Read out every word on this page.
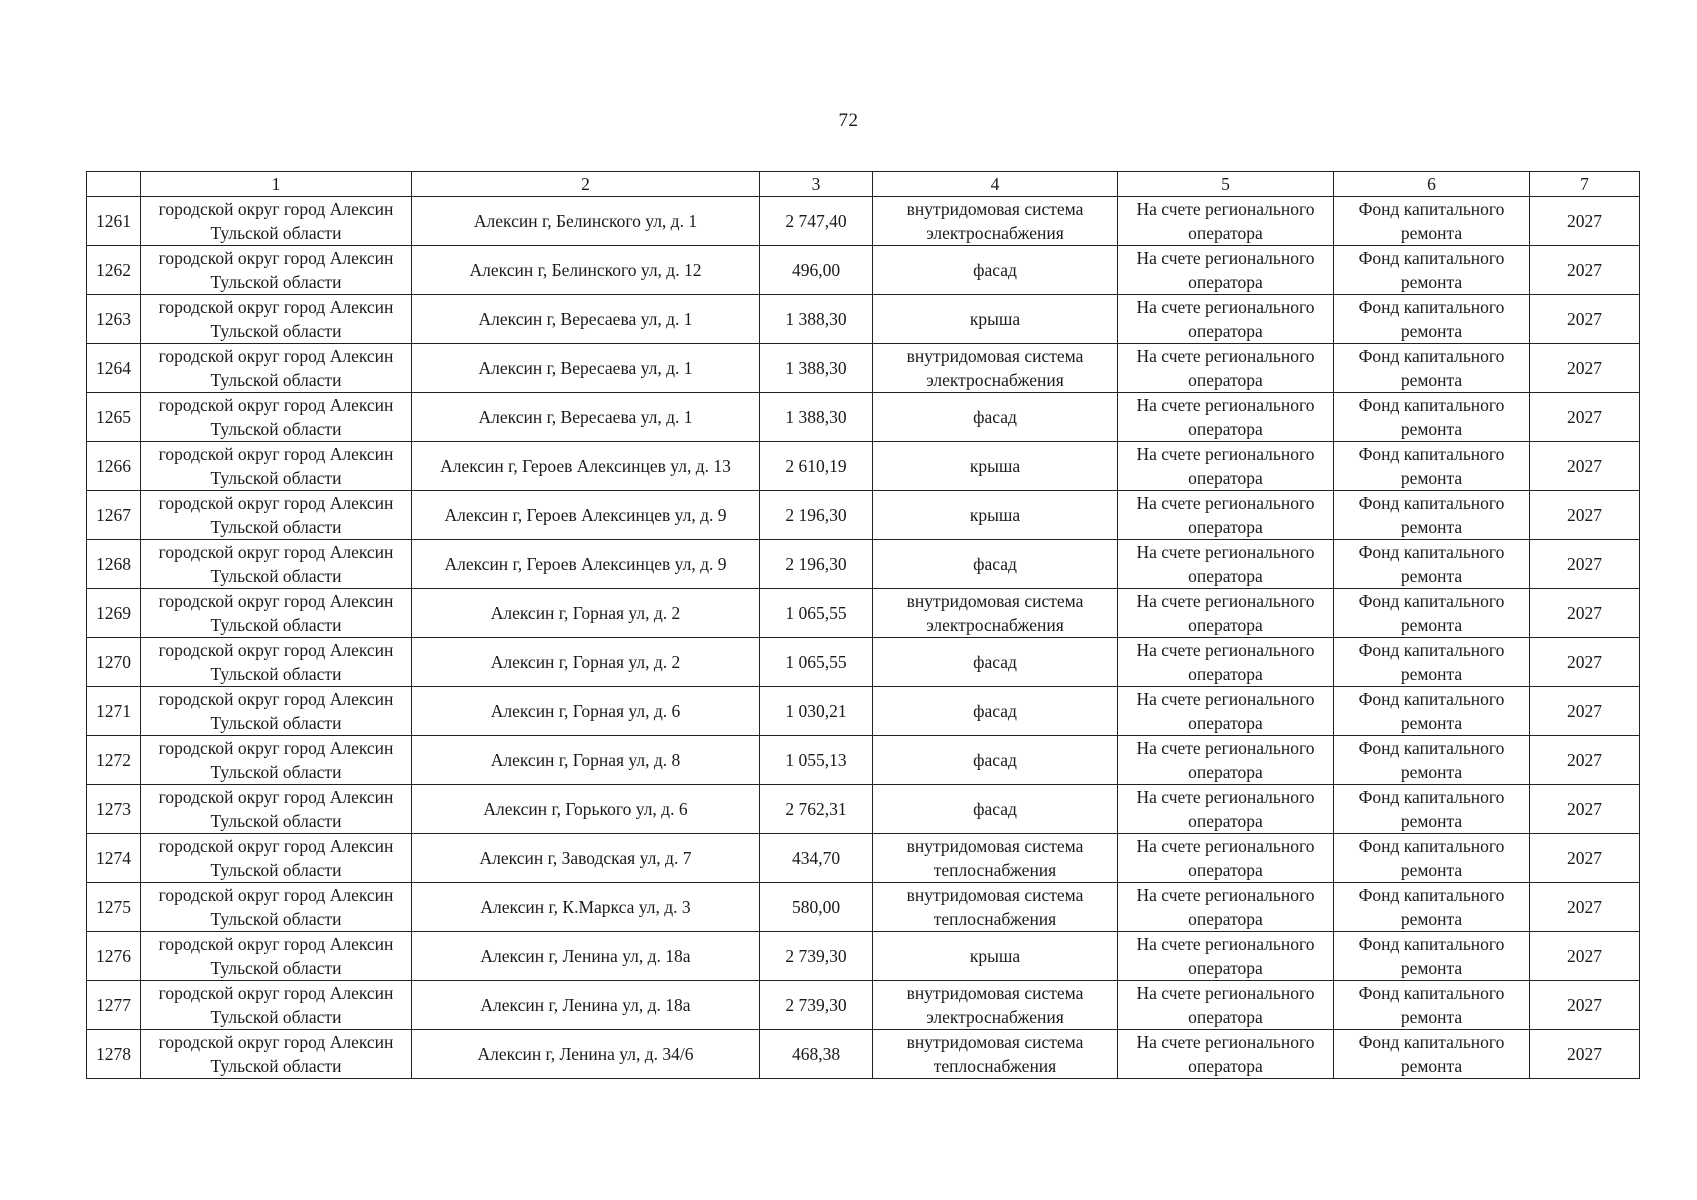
72
	1	2	3	4	5	6	7
1261	городской округ город Алексин Тульской области	Алексин г, Белинского ул, д. 1	2 747,40	внутридомовая система электроснабжения	На счете регионального оператора	Фонд капитального ремонта	2027
1262	городской округ город Алексин Тульской области	Алексин г, Белинского ул, д. 12	496,00	фасад	На счете регионального оператора	Фонд капитального ремонта	2027
1263	городской округ город Алексин Тульской области	Алексин г, Вересаева ул, д. 1	1 388,30	крыша	На счете регионального оператора	Фонд капитального ремонта	2027
1264	городской округ город Алексин Тульской области	Алексин г, Вересаева ул, д. 1	1 388,30	внутридомовая система электроснабжения	На счете регионального оператора	Фонд капитального ремонта	2027
1265	городской округ город Алексин Тульской области	Алексин г, Вересаева ул, д. 1	1 388,30	фасад	На счете регионального оператора	Фонд капитального ремонта	2027
1266	городской округ город Алексин Тульской области	Алексин г, Героев Алексинцев ул, д. 13	2 610,19	крыша	На счете регионального оператора	Фонд капитального ремонта	2027
1267	городской округ город Алексин Тульской области	Алексин г, Героев Алексинцев ул, д. 9	2 196,30	крыша	На счете регионального оператора	Фонд капитального ремонта	2027
1268	городской округ город Алексин Тульской области	Алексин г, Героев Алексинцев ул, д. 9	2 196,30	фасад	На счете регионального оператора	Фонд капитального ремонта	2027
1269	городской округ город Алексин Тульской области	Алексин г, Горная ул, д. 2	1 065,55	внутридомовая система электроснабжения	На счете регионального оператора	Фонд капитального ремонта	2027
1270	городской округ город Алексин Тульской области	Алексин г, Горная ул, д. 2	1 065,55	фасад	На счете регионального оператора	Фонд капитального ремонта	2027
1271	городской округ город Алексин Тульской области	Алексин г, Горная ул, д. 6	1 030,21	фасад	На счете регионального оператора	Фонд капитального ремонта	2027
1272	городской округ город Алексин Тульской области	Алексин г, Горная ул, д. 8	1 055,13	фасад	На счете регионального оператора	Фонд капитального ремонта	2027
1273	городской округ город Алексин Тульской области	Алексин г, Горького ул, д. 6	2 762,31	фасад	На счете регионального оператора	Фонд капитального ремонта	2027
1274	городской округ город Алексин Тульской области	Алексин г, Заводская ул, д. 7	434,70	внутридомовая система теплоснабжения	На счете регионального оператора	Фонд капитального ремонта	2027
1275	городской округ город Алексин Тульской области	Алексин г, К.Маркса ул, д. 3	580,00	внутридомовая система теплоснабжения	На счете регионального оператора	Фонд капитального ремонта	2027
1276	городской округ город Алексин Тульской области	Алексин г, Ленина ул, д. 18а	2 739,30	крыша	На счете регионального оператора	Фонд капитального ремонта	2027
1277	городской округ город Алексин Тульской области	Алексин г, Ленина ул, д. 18а	2 739,30	внутридомовая система электроснабжения	На счете регионального оператора	Фонд капитального ремонта	2027
1278	городской округ город Алексин Тульской области	Алексин г, Ленина ул, д. 34/6	468,38	внутридомовая система теплоснабжения	На счете регионального оператора	Фонд капитального ремонта	2027
